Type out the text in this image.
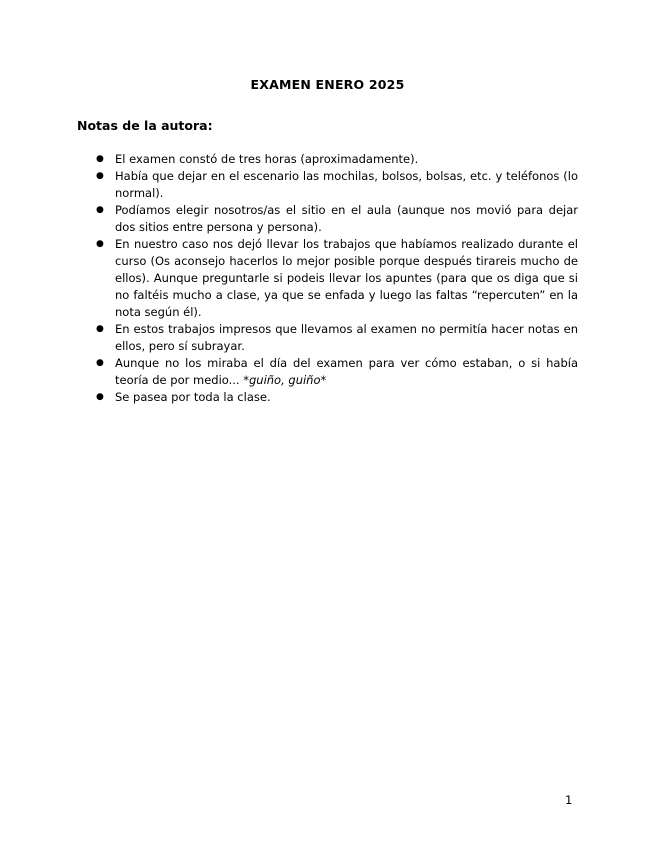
EXAMEN ENERO 2025
Notas de la autora:
● El examen constó de tres horas (aproximadamente).
● Había que dejar en el escenario las mochilas, bolsos, bolsas, etc. y teléfonos (lo normal).
● Podíamos elegir nosotros/as el sitio en el aula (aunque nos movió para dejar dos sitios entre persona y persona).
● En nuestro caso nos dejó llevar los trabajos que habíamos realizado durante el curso (Os aconsejo hacerlos lo mejor posible porque después tirareis mucho de ellos). Aunque preguntarle si podeis llevar los apuntes (para que os diga que si no faltéis mucho a clase, ya que se enfada y luego las faltas “repercuten” en la nota según él).
● En estos trabajos impresos que llevamos al examen no permitía hacer notas en ellos, pero sí subrayar.
● Aunque no los miraba el día del examen para ver cómo estaban, o si había teoría de por medio... *guiño, guiño*
● Se pasea por toda la clase.
1
